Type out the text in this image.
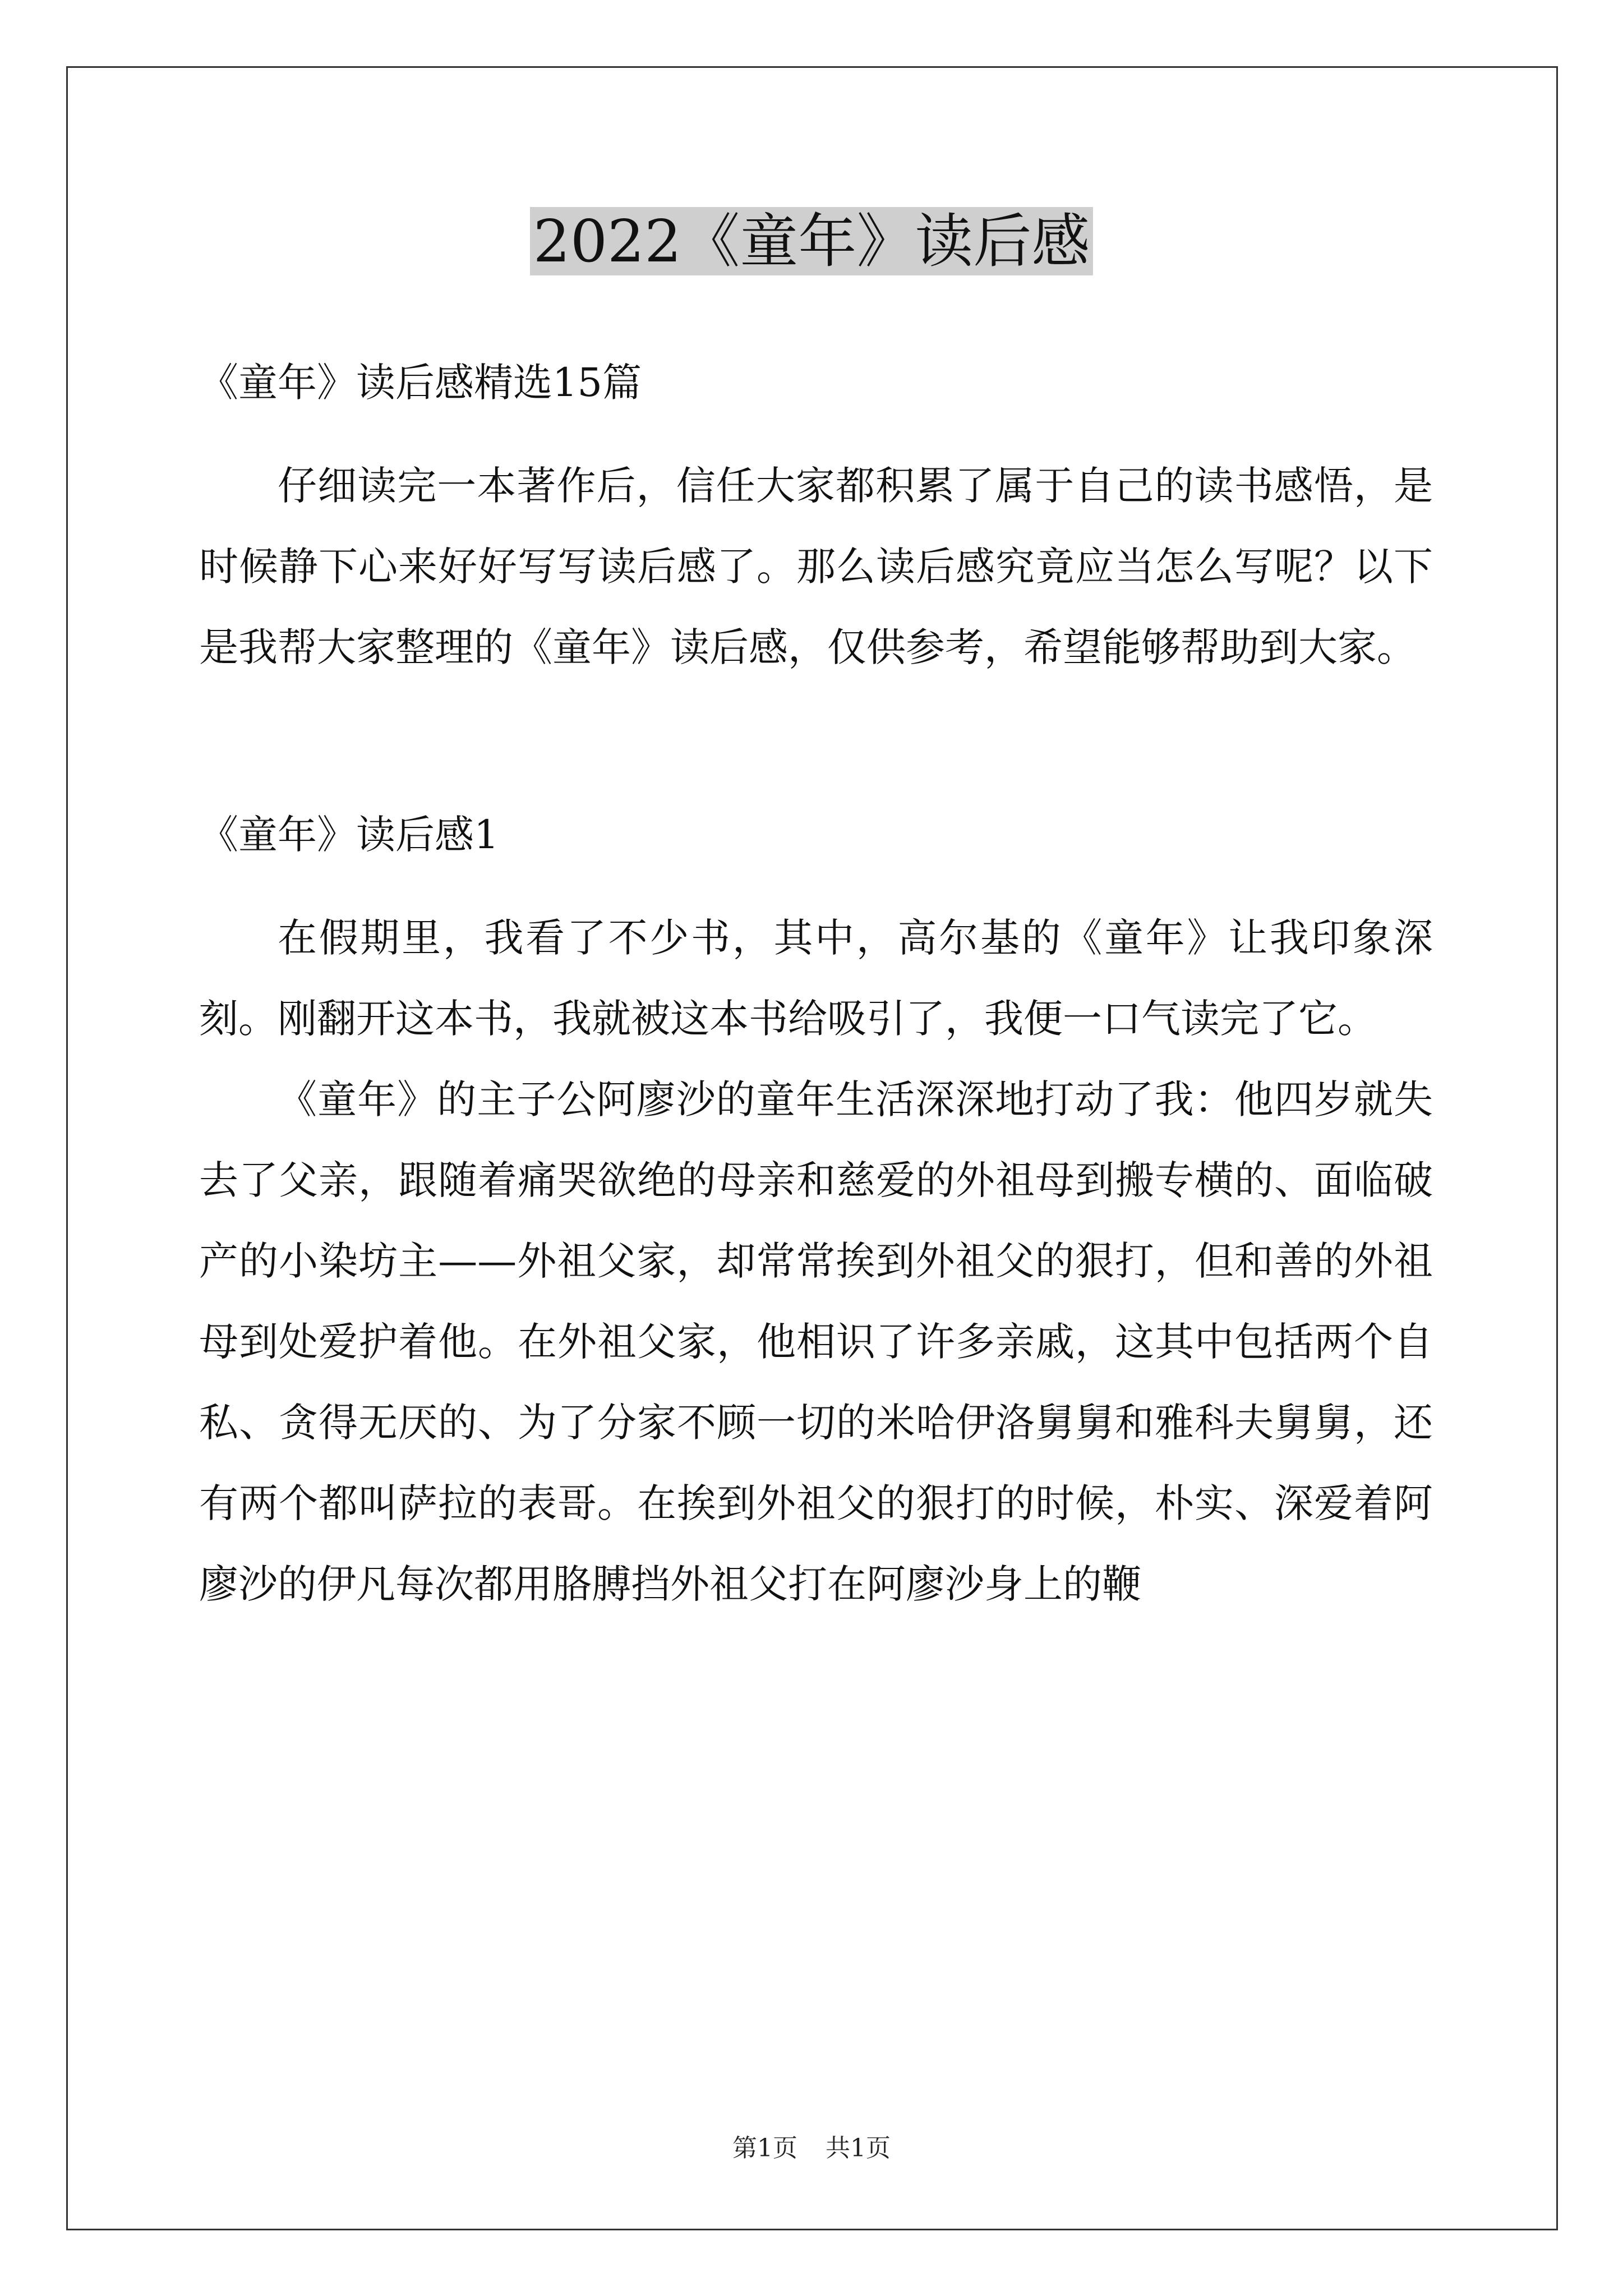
2022《童年》读后感

《童年》读后感精选15篇

仔细读完一本著作后，信任大家都积累了属于自己的读书感悟，是时候静下心来好好写写读后感了。那么读后感究竟应当怎么写呢？以下是我帮大家整理的《童年》读后感，仅供参考，希望能够帮助到大家。

《童年》读后感1

在假期里，我看了不少书，其中，高尔基的《童年》让我印象深刻。刚翻开这本书，我就被这本书给吸引了，我便一口气读完了它。

《童年》的主子公阿廖沙的童年生活深深地打动了我：他四岁就失去了父亲，跟随着痛哭欲绝的母亲和慈爱的外祖母到搬专横的、面临破产的小染坊主——外祖父家，却常常挨到外祖父的狠打，但和善的外祖母到处爱护着他。在外祖父家，他相识了许多亲戚，这其中包括两个自私、贪得无厌的、为了分家不顾一切的米哈伊洛舅舅和雅科夫舅舅，还有两个都叫萨拉的表哥。在挨到外祖父的狠打的时候，朴实、深爱着阿廖沙的伊凡每次都用胳膊挡外祖父打在阿廖沙身上的鞭

第1页 共1页
